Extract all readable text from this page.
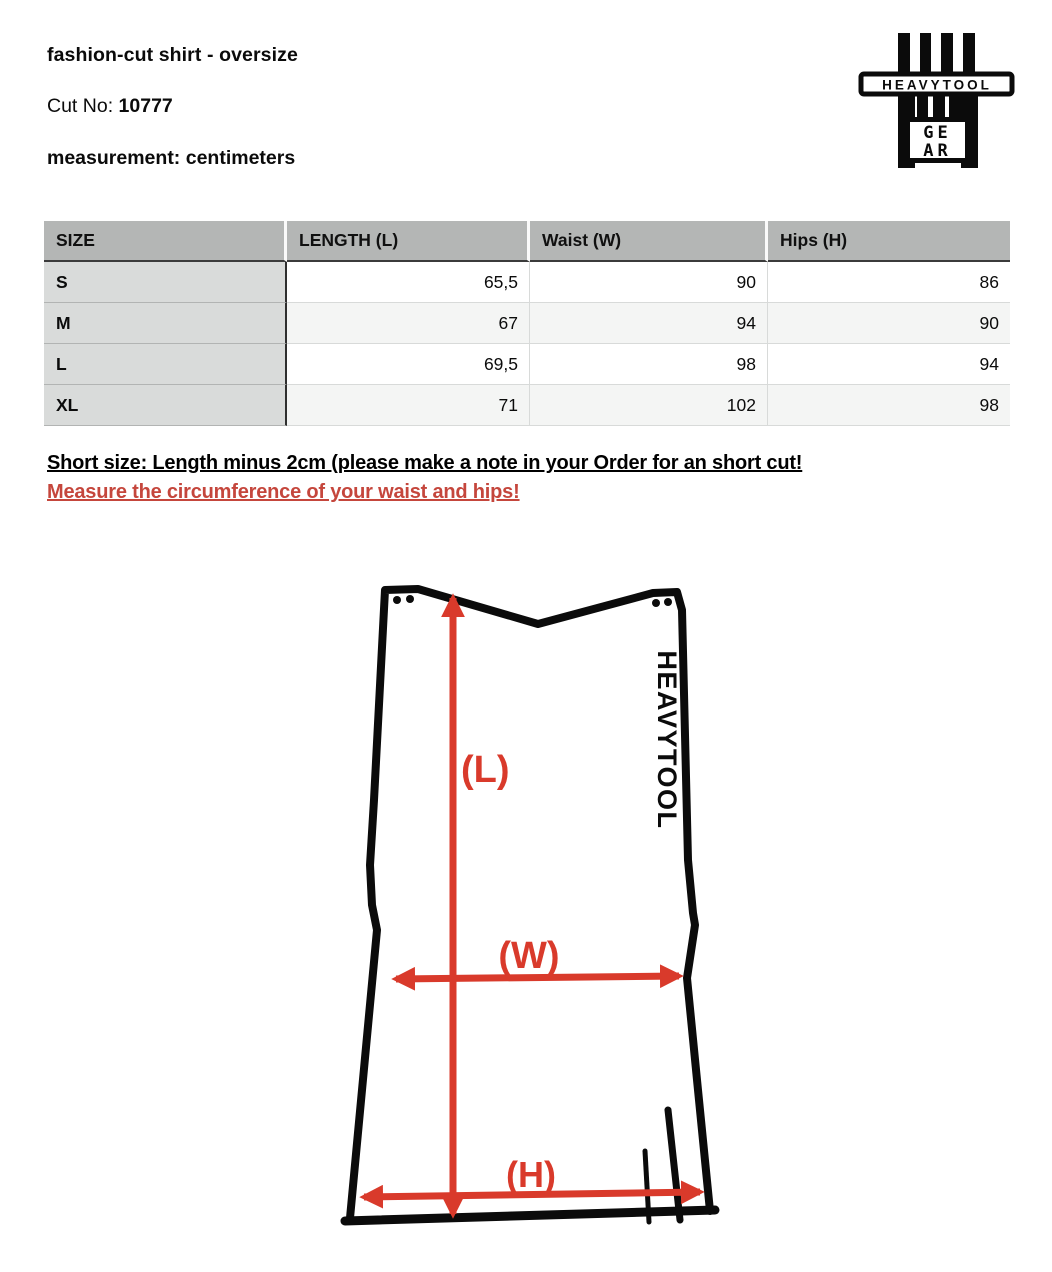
fashion-cut shirt - oversize
Cut No: 10777
measurement: centimeters
HEAVYTOOL
GE
AR
SIZE	LENGTH (L)	Waist (W)	Hips (H)
S	65,5	90	86
M	67	94	90
L	69,5	98	94
XL	71	102	98
Short size: Length minus 2cm (please make a note in your Order for an short cut!
Measure the circumference of your waist and hips!
HEAVYTOOL
(L)
(W)
(H)
